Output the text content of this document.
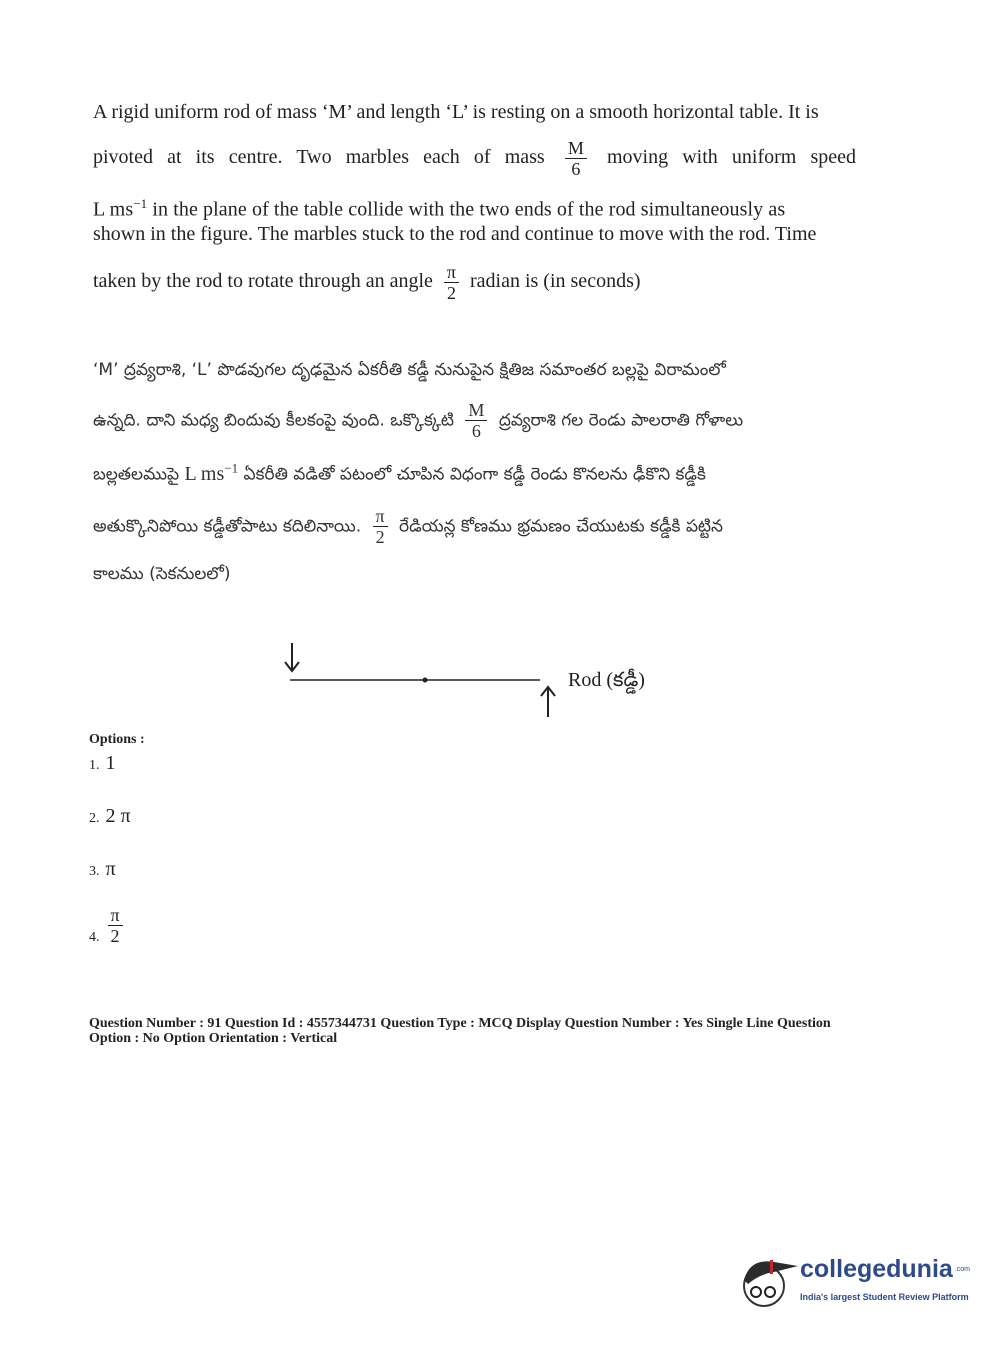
A rigid uniform rod of mass ‘M’ and length ‘L’ is resting on a smooth horizontal table. It is
pivoted at its centre. Two marbles each of mass $\frac{M}{6}$ moving with uniform speed
L $ms^{-1}$ in the plane of the table collide with the two ends of the rod simultaneously as
shown in the figure. The marbles stuck to the rod and continue to move with the rod. Time
taken by the rod to rotate through an angle $\frac{\pi}{2}$ radian is (in seconds)
‘M’ ద్రవ్యరాశి, ‘L’ పొడవుగల దృఢమైన ఏకరీతి కడ్డీ నునుపైన క్షితిజ సమాంతర బల్లపై విరామంలో
ఉన్నది. దాని మధ్య బిందువు కీలకంపై వుంది. ఒక్కొక్కటి $\frac{M}{6}$ ద్రవ్యరాశి గల రెండు పాలరాతి గోళాలు
బల్లతలముపై L $ms^{-1}$ ఏకరీతి వడితో పటంలో చూపిన విధంగా కడ్డీ రెండు కొనలను ఢీకొని కడ్డీకి
అతుక్కొనిపోయి కడ్డీతోపాటు కదిలినాయి. $\frac{\pi}{2}$ రేడియన్ల కోణము భ్రమణం చేయుటకు కడ్డీకి పట్టిన
కాలము (సెకనులలో)
Rod (కడ్డీ)
Options :
1. 1
2. 2 π
3. π
4. $\frac{\pi}{2}$
Question Number : 91 Question Id : 4557344731 Question Type : MCQ Display Question Number : Yes Single Line Question
Option : No Option Orientation : Vertical
collegedunia .com
India's largest Student Review Platform
